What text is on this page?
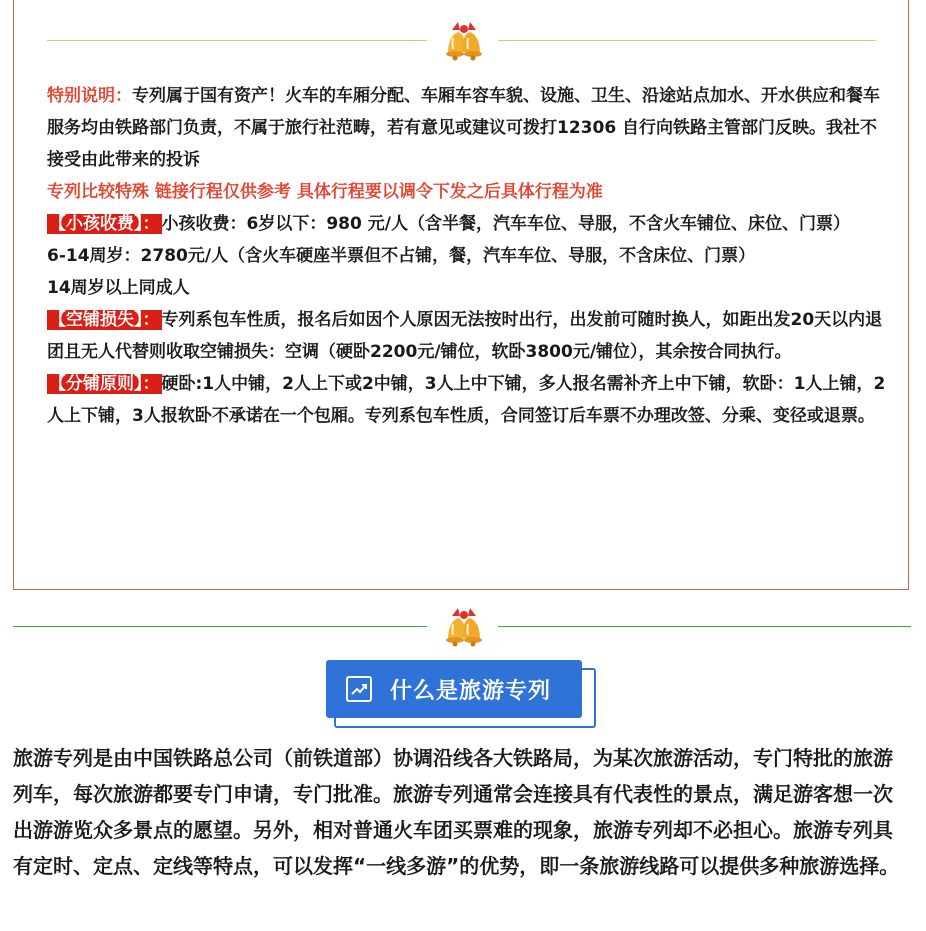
特别说明：专列属于国有资产！火车的车厢分配、车厢车容车貌、设施、卫生、沿途站点加水、开水供应和餐车服务均由铁路部门负责，不属于旅行社范畴，若有意见或建议可拨打12306 自行向铁路主管部门反映。我社不接受由此带来的投诉

专列比较特殊 链接行程仅供参考 具体行程要以调令下发之后具体行程为准

【小孩收费】： 小孩收费：6岁以下：980 元/人（含半餐，汽车车位、导服，不含火车铺位、床位、门票）

6-14周岁：2780元/人（含火车硬座半票但不占铺，餐，汽车车位、导服，不含床位、门票）

14周岁以上同成人

【空铺损失】： 专列系包车性质，报名后如因个人原因无法按时出行，出发前可随时换人，如距出发20天以内退团且无人代替则收取空铺损失：空调（硬卧2200元/铺位，软卧3800元/铺位），其余按合同执行。

【分铺原则】： 硬卧:1人中铺，2人上下或2中铺，3人上中下铺，多人报名需补齐上中下铺，软卧：1人上铺，2人上下铺，3人报软卧不承诺在一个包厢。专列系包车性质，合同签订后车票不办理改签、分乘、变径或退票。

什么是旅游专列

旅游专列是由中国铁路总公司（前铁道部）协调沿线各大铁路局，为某次旅游活动，专门特批的旅游列车，每次旅游都要专门申请，专门批准。旅游专列通常会连接具有代表性的景点，满足游客想一次出游游览众多景点的愿望。另外，相对普通火车团买票难的现象，旅游专列却不必担心。旅游专列具有定时、定点、定线等特点，可以发挥“一线多游”的优势，即一条旅游线路可以提供多种旅游选择。
